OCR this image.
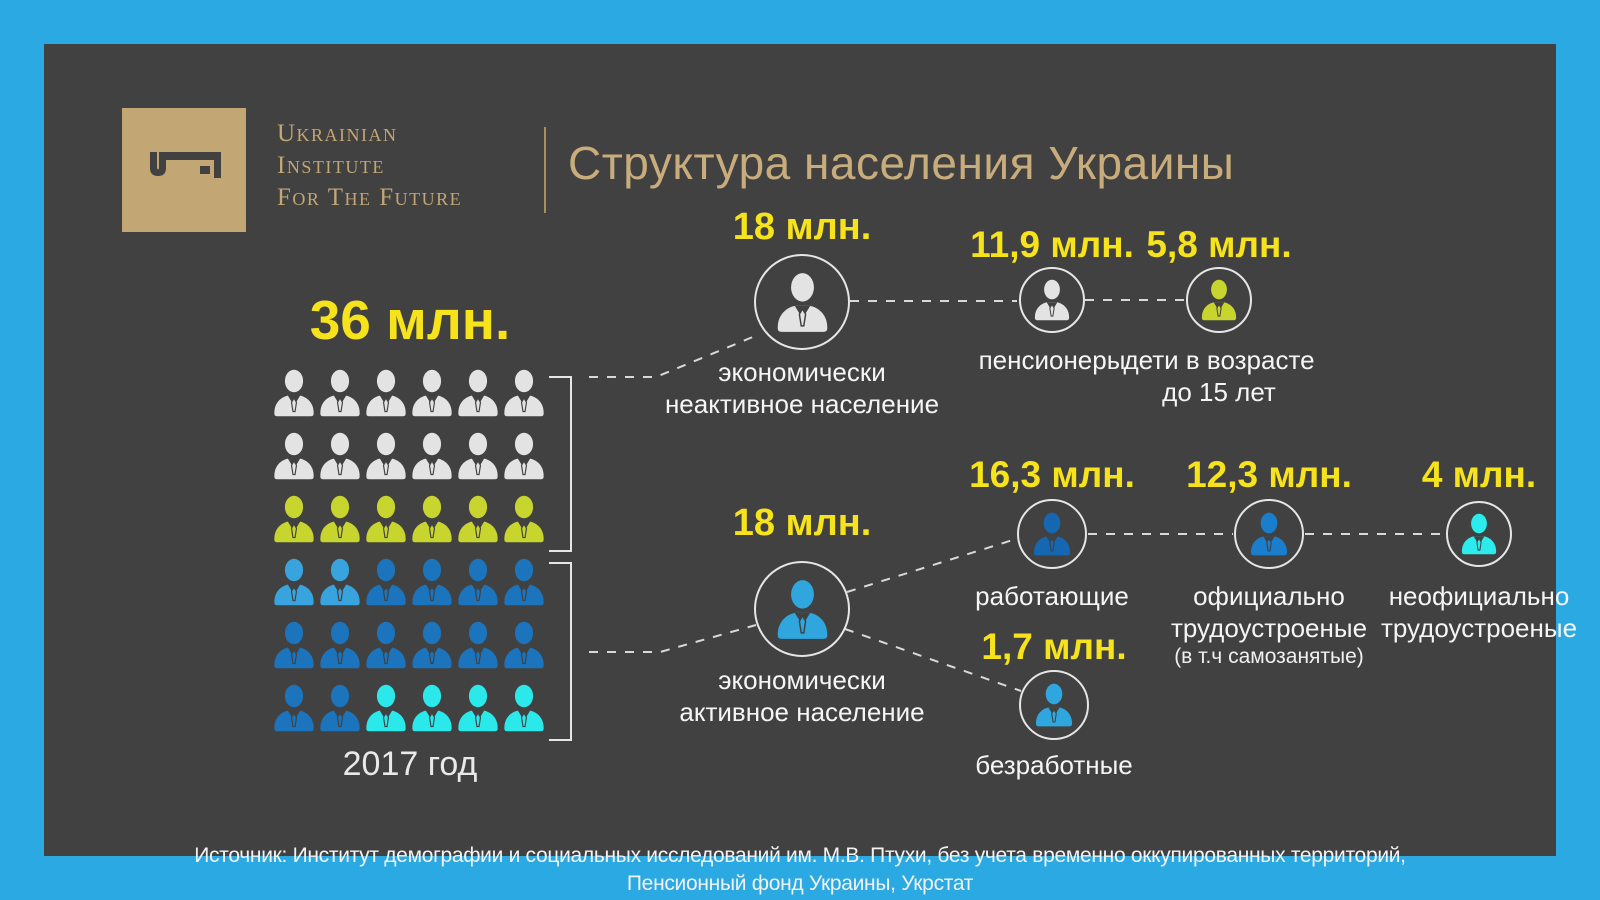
Ukrainian
Institute
For The Future
Структура населения Украины
36 млн.
2017 год
18 млн.
экономически
неактивное население
11,9 млн.
пенсионеры
5,8 млн.
дети в возрасте
до 15 лет
18 млн.
экономически
активное население
16,3 млн.
работающие
12,3 млн.
официально
трудоустроеные
(в т.ч самозанятые)
4 млн.
неофициально
трудоустроеные
1,7 млн.
безработные
Источник: Институт демографии и социальных исследований им. М.В. Птухи, без учета временно оккупированных территорий,
Пенсионный фонд Украины, Укрстат
